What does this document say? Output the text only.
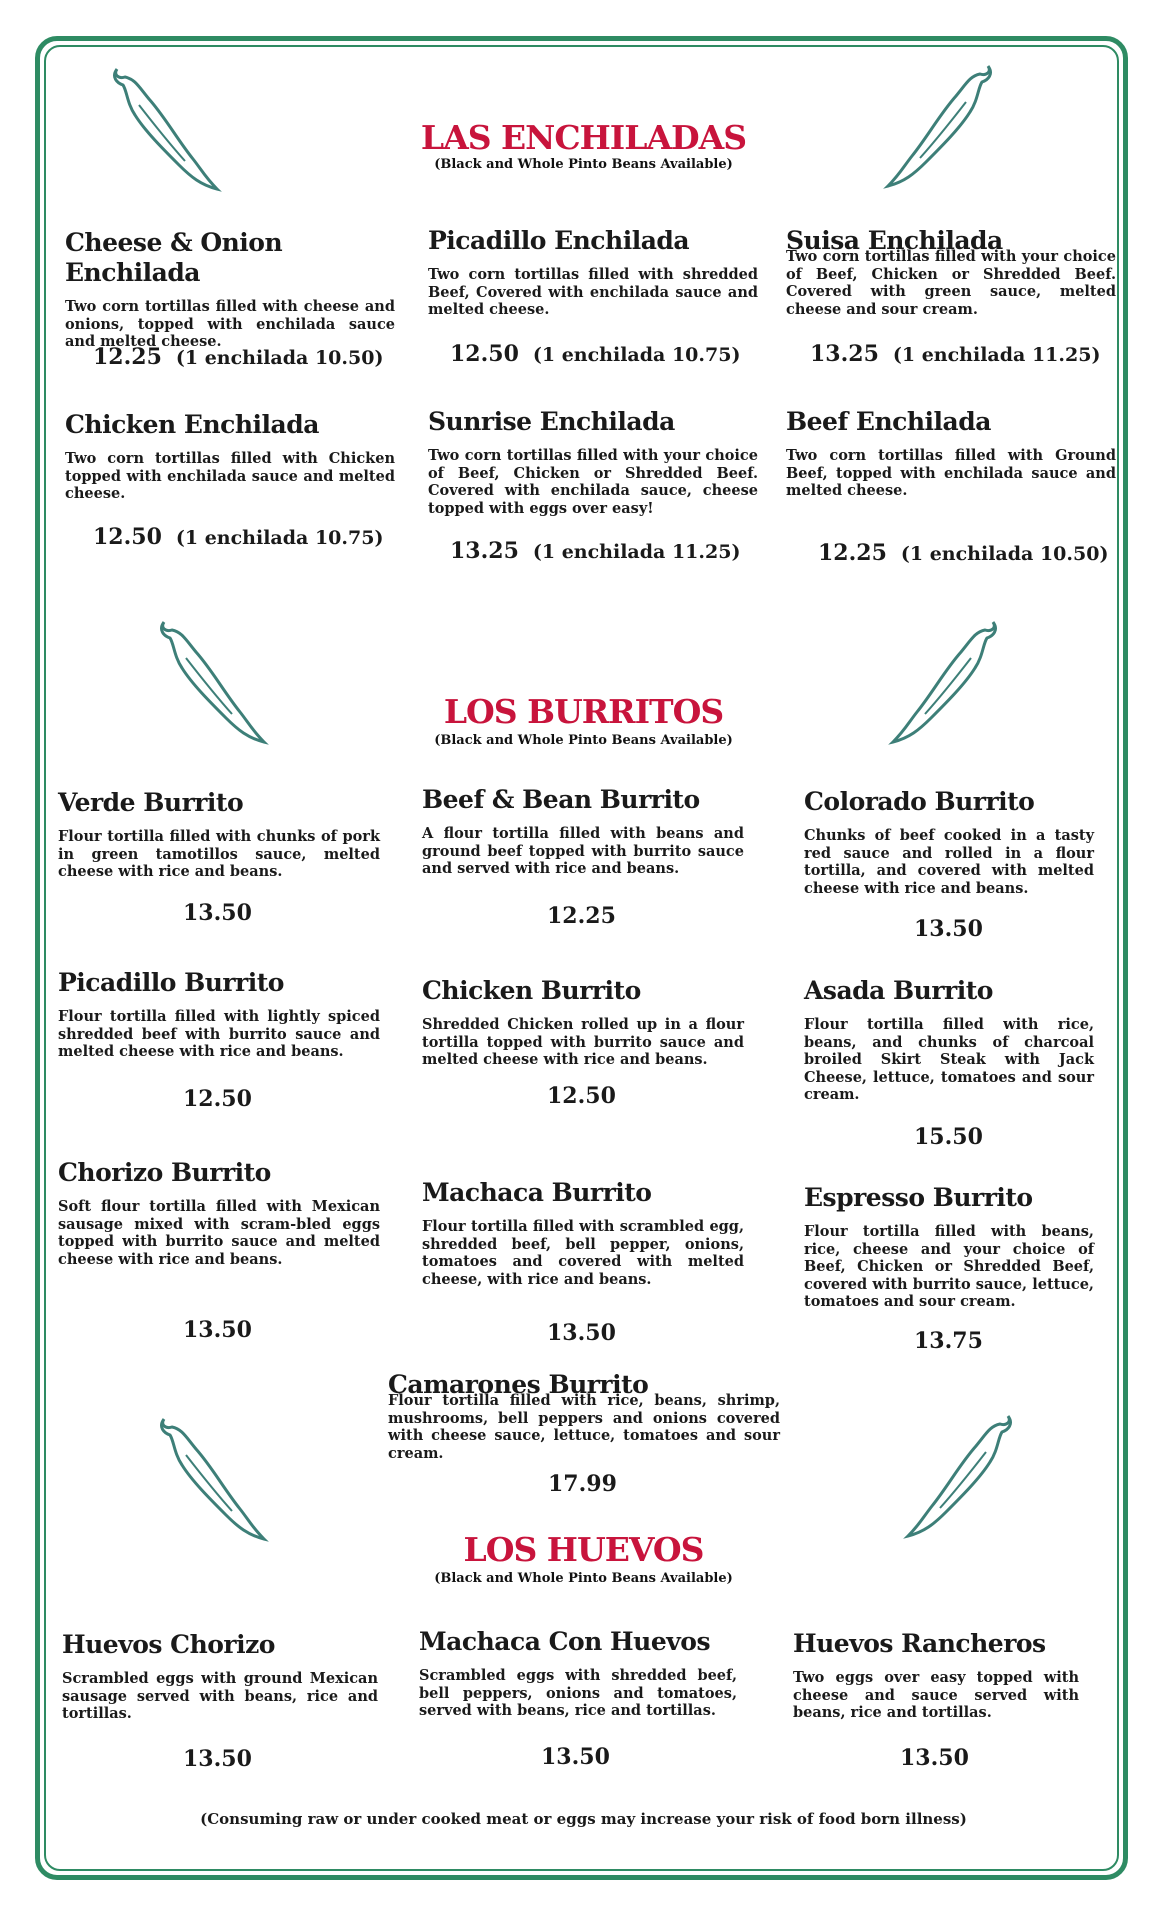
LAS ENCHILADAS
(Black and Whole Pinto Beans Available)
Cheese & Onion Enchilada
Two corn tortillas filled with cheese and onions, topped with enchilada sauce and melted cheese.
12.25 (1 enchilada 10.50)
Picadillo Enchilada
Two corn tortillas filled with shredded Beef, Covered with enchilada sauce and melted cheese.
12.50 (1 enchilada 10.75)
Suisa Enchilada
Two corn tortillas filled with your choice of Beef, Chicken or Shredded Beef. Covered with green sauce, melted cheese and sour cream.
13.25 (1 enchilada 11.25)
Chicken Enchilada
Two corn tortillas filled with Chicken topped with enchilada sauce and melted cheese.
12.50 (1 enchilada 10.75)
Sunrise Enchilada
Two corn tortillas filled with your choice of Beef, Chicken or Shredded Beef. Covered with enchilada sauce, cheese topped with eggs over easy!
13.25 (1 enchilada 11.25)
Beef Enchilada
Two corn tortillas filled with Ground Beef, topped with enchilada sauce and melted cheese.
12.25 (1 enchilada 10.50)
LOS BURRITOS
(Black and Whole Pinto Beans Available)
Verde Burrito
Flour tortilla filled with chunks of pork in green tamotillos sauce, melted cheese with rice and beans.
13.50
Beef & Bean Burrito
A flour tortilla filled with beans and ground beef topped with burrito sauce and served with rice and beans.
12.25
Colorado Burrito
Chunks of beef cooked in a tasty red sauce and rolled in a flour tortilla, and covered with melted cheese with rice and beans.
13.50
Picadillo Burrito
Flour tortilla filled with lightly spiced shredded beef with burrito sauce and melted cheese with rice and beans.
12.50
Chicken Burrito
Shredded Chicken rolled up in a flour tortilla topped with burrito sauce and melted cheese with rice and beans.
12.50
Asada Burrito
Flour tortilla filled with rice, beans, and chunks of charcoal broiled Skirt Steak with Jack Cheese, lettuce, tomatoes and sour cream.
15.50
Chorizo Burrito
Soft flour tortilla filled with Mexican sausage mixed with scram-bled eggs topped with burrito sauce and melted cheese with rice and beans.
13.50
Machaca Burrito
Flour tortilla filled with scrambled egg, shredded beef, bell pepper, onions, tomatoes and covered with melted cheese, with rice and beans.
13.50
Espresso Burrito
Flour tortilla filled with beans, rice, cheese and your choice of Beef, Chicken or Shredded Beef, covered with burrito sauce, lettuce, tomatoes and sour cream.
13.75
Camarones Burrito
Flour tortilla filled with rice, beans, shrimp, mushrooms, bell peppers and onions covered with cheese sauce, lettuce, tomatoes and sour cream.
17.99
LOS HUEVOS
(Black and Whole Pinto Beans Available)
Huevos Chorizo
Scrambled eggs with ground Mexican sausage served with beans, rice and tortillas.
13.50
Machaca Con Huevos
Scrambled eggs with shredded beef, bell peppers, onions and tomatoes, served with beans, rice and tortillas.
13.50
Huevos Rancheros
Two eggs over easy topped with cheese and sauce served with beans, rice and tortillas.
13.50
(Consuming raw or under cooked meat or eggs may increase your risk of food born illness)
